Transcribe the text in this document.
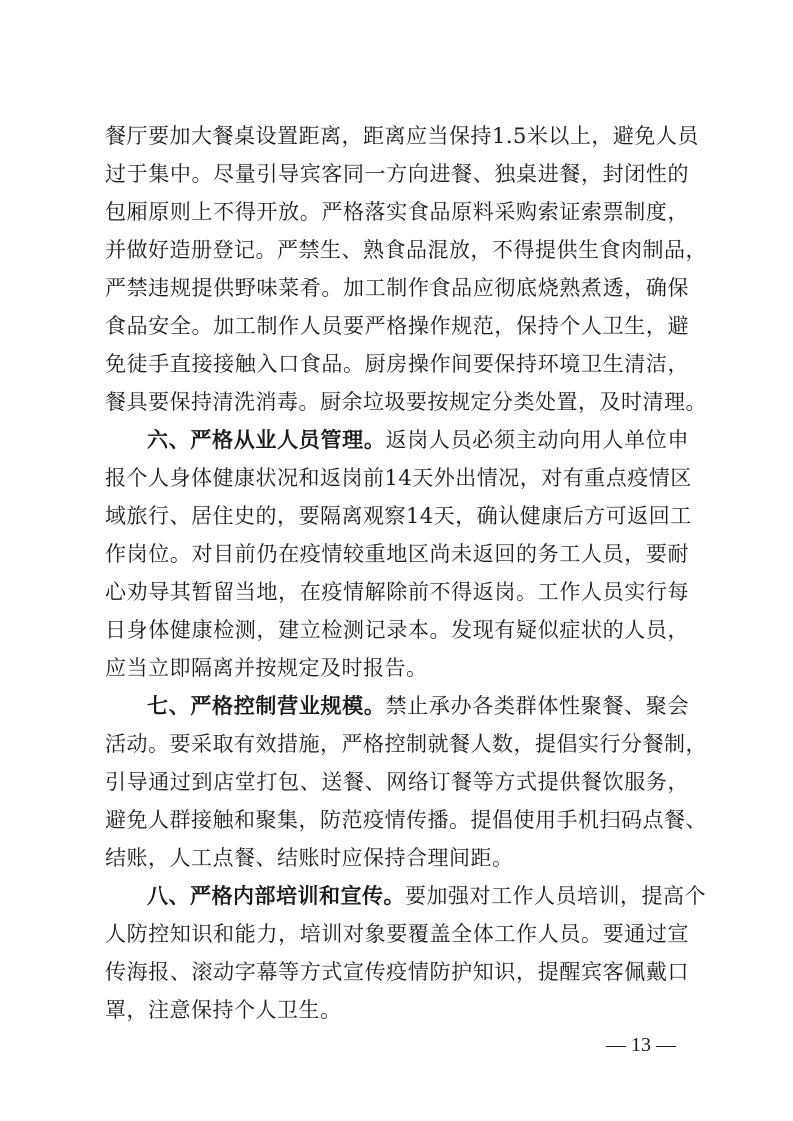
餐厅要加大餐桌设置距离，距离应当保持1.5米以上，避免人员
过于集中。尽量引导宾客同一方向进餐、独桌进餐，封闭性的
包厢原则上不得开放。严格落实食品原料采购索证索票制度，
并做好造册登记。严禁生、熟食品混放，不得提供生食肉制品，
严禁违规提供野味菜肴。加工制作食品应彻底烧熟煮透，确保
食品安全。加工制作人员要严格操作规范，保持个人卫生，避
免徒手直接接触入口食品。厨房操作间要保持环境卫生清洁，
餐具要保持清洗消毒。厨余垃圾要按规定分类处置，及时清理。
六、严格从业人员管理。返岗人员必须主动向用人单位申
报个人身体健康状况和返岗前14天外出情况，对有重点疫情区
域旅行、居住史的，要隔离观察14天，确认健康后方可返回工
作岗位。对目前仍在疫情较重地区尚未返回的务工人员，要耐
心劝导其暂留当地，在疫情解除前不得返岗。工作人员实行每
日身体健康检测，建立检测记录本。发现有疑似症状的人员，
应当立即隔离并按规定及时报告。
七、严格控制营业规模。禁止承办各类群体性聚餐、聚会
活动。要采取有效措施，严格控制就餐人数，提倡实行分餐制，
引导通过到店堂打包、送餐、网络订餐等方式提供餐饮服务，
避免人群接触和聚集，防范疫情传播。提倡使用手机扫码点餐、
结账，人工点餐、结账时应保持合理间距。
八、严格内部培训和宣传。要加强对工作人员培训，提高个
人防控知识和能力，培训对象要覆盖全体工作人员。要通过宣
传海报、滚动字幕等方式宣传疫情防护知识，提醒宾客佩戴口
罩，注意保持个人卫生。
— 13 —
